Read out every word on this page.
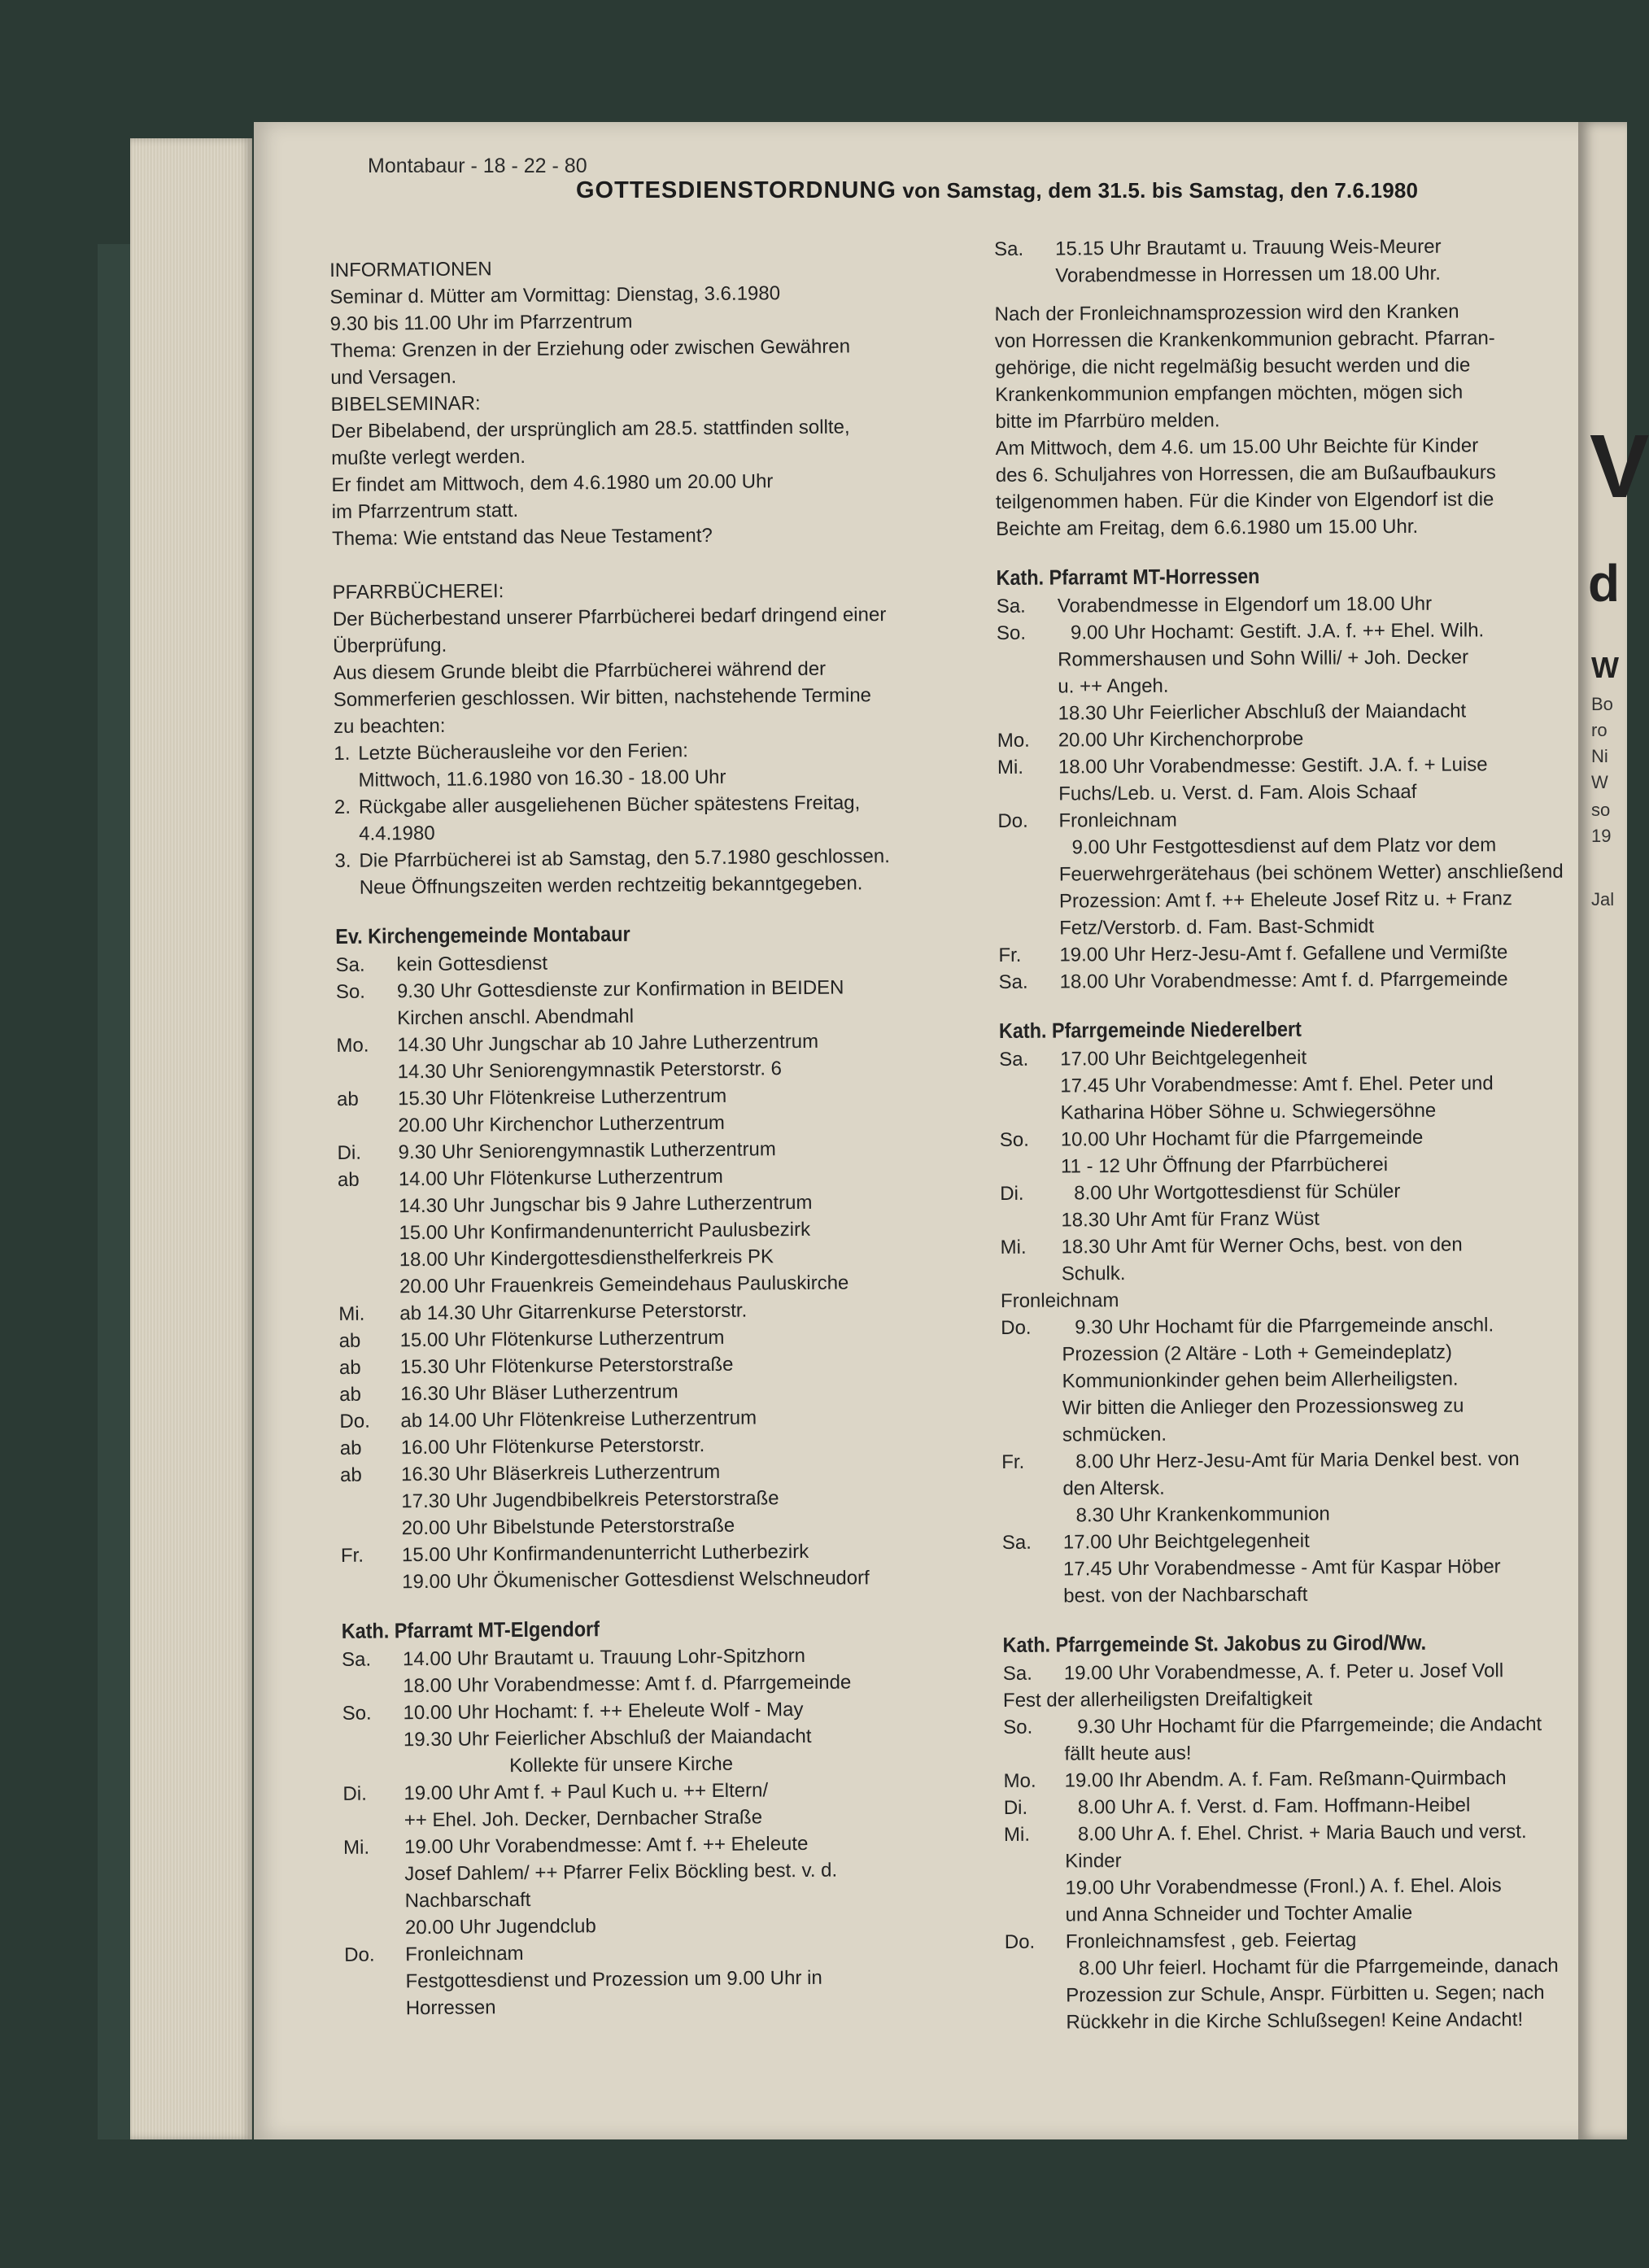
V
d
W
Bo
ro
Ni
W
so
19
Jal
Montabaur - 18 - 22 - 80
GOTTESDIENSTORDNUNG von Samstag, dem 31.5. bis Samstag, den 7.6.1980
INFORMATIONEN
Seminar d. Mütter am Vormittag: Dienstag, 3.6.1980
9.30 bis 11.00 Uhr im Pfarrzentrum
Thema: Grenzen in der Erziehung oder zwischen Gewähren
und Versagen.
BIBELSEMINAR:
Der Bibelabend, der ursprünglich am 28.5. stattfinden sollte,
mußte verlegt werden.
Er findet am Mittwoch, dem 4.6.1980 um 20.00 Uhr
im Pfarrzentrum statt.
Thema: Wie entstand das Neue Testament?
PFARRBÜCHEREI:
Der Bücherbestand unserer Pfarrbücherei bedarf dringend einer
Überprüfung.
Aus diesem Grunde bleibt die Pfarrbücherei während der
Sommerferien geschlossen. Wir bitten, nachstehende Termine
zu beachten:
1. Letzte Bücherausleihe vor den Ferien:
Mittwoch, 11.6.1980 von 16.30 - 18.00 Uhr
2. Rückgabe aller ausgeliehenen Bücher spätestens Freitag,
4.4.1980
3. Die Pfarrbücherei ist ab Samstag, den 5.7.1980 geschlossen.
Neue Öffnungszeiten werden rechtzeitig bekanntgegeben.
Ev. Kirchengemeinde Montabaur
Sa. kein Gottesdienst
So. 9.30 Uhr Gottesdienste zur Konfirmation in BEIDEN
Kirchen anschl. Abendmahl
Mo. 14.30 Uhr Jungschar ab 10 Jahre Lutherzentrum
14.30 Uhr Seniorengymnastik Peterstorstr. 6
ab 15.30 Uhr Flötenkreise Lutherzentrum
20.00 Uhr Kirchenchor Lutherzentrum
Di. 9.30 Uhr Seniorengymnastik Lutherzentrum
ab 14.00 Uhr Flötenkurse Lutherzentrum
14.30 Uhr Jungschar bis 9 Jahre Lutherzentrum
15.00 Uhr Konfirmandenunterricht Paulusbezirk
18.00 Uhr Kindergottesdiensthelferkreis PK
20.00 Uhr Frauenkreis Gemeindehaus Pauluskirche
Mi. ab 14.30 Uhr Gitarrenkurse Peterstorstr.
ab 15.00 Uhr Flötenkurse Lutherzentrum
ab 15.30 Uhr Flötenkurse Peterstorstraße
ab 16.30 Uhr Bläser Lutherzentrum
Do. ab 14.00 Uhr Flötenkreise Lutherzentrum
ab 16.00 Uhr Flötenkurse Peterstorstr.
ab 16.30 Uhr Bläserkreis Lutherzentrum
17.30 Uhr Jugendbibelkreis Peterstorstraße
20.00 Uhr Bibelstunde Peterstorstraße
Fr. 15.00 Uhr Konfirmandenunterricht Lutherbezirk
19.00 Uhr Ökumenischer Gottesdienst Welschneudorf
Kath. Pfarramt MT-Elgendorf
Sa. 14.00 Uhr Brautamt u. Trauung Lohr-Spitzhorn
18.00 Uhr Vorabendmesse: Amt f. d. Pfarrgemeinde
So. 10.00 Uhr Hochamt: f. ++ Eheleute Wolf - May
19.30 Uhr Feierlicher Abschluß der Maiandacht
Kollekte für unsere Kirche
Di. 19.00 Uhr Amt f. + Paul Kuch u. ++ Eltern/
++ Ehel. Joh. Decker, Dernbacher Straße
Mi. 19.00 Uhr Vorabendmesse: Amt f. ++ Eheleute
Josef Dahlem/ ++ Pfarrer Felix Böckling best. v. d.
Nachbarschaft
20.00 Uhr Jugendclub
Do. Fronleichnam
Festgottesdienst und Prozession um 9.00 Uhr in
Horressen
Sa. 15.15 Uhr Brautamt u. Trauung Weis-Meurer
Vorabendmesse in Horressen um 18.00 Uhr.
Nach der Fronleichnamsprozession wird den Kranken
von Horressen die Krankenkommunion gebracht. Pfarran-
gehörige, die nicht regelmäßig besucht werden und die
Krankenkommunion empfangen möchten, mögen sich
bitte im Pfarrbüro melden.
Am Mittwoch, dem 4.6. um 15.00 Uhr Beichte für Kinder
des 6. Schuljahres von Horressen, die am Bußaufbaukurs
teilgenommen haben. Für die Kinder von Elgendorf ist die
Beichte am Freitag, dem 6.6.1980 um 15.00 Uhr.
Kath. Pfarramt MT-Horressen
Sa. Vorabendmesse in Elgendorf um 18.00 Uhr
So. 9.00 Uhr Hochamt: Gestift. J.A. f. ++ Ehel. Wilh.
Rommershausen und Sohn Willi/ + Joh. Decker
u. ++ Angeh.
18.30 Uhr Feierlicher Abschluß der Maiandacht
Mo. 20.00 Uhr Kirchenchorprobe
Mi. 18.00 Uhr Vorabendmesse: Gestift. J.A. f. + Luise
Fuchs/Leb. u. Verst. d. Fam. Alois Schaaf
Do. Fronleichnam
9.00 Uhr Festgottesdienst auf dem Platz vor dem
Feuerwehrgerätehaus (bei schönem Wetter) anschließend
Prozession: Amt f. ++ Eheleute Josef Ritz u. + Franz
Fetz/Verstorb. d. Fam. Bast-Schmidt
Fr. 19.00 Uhr Herz-Jesu-Amt f. Gefallene und Vermißte
Sa. 18.00 Uhr Vorabendmesse: Amt f. d. Pfarrgemeinde
Kath. Pfarrgemeinde Niederelbert
Sa. 17.00 Uhr Beichtgelegenheit
17.45 Uhr Vorabendmesse: Amt f. Ehel. Peter und
Katharina Höber Söhne u. Schwiegersöhne
So. 10.00 Uhr Hochamt für die Pfarrgemeinde
11 - 12 Uhr Öffnung der Pfarrbücherei
Di.	8.00 Uhr Wortgottesdienst für Schüler
18.30 Uhr Amt für Franz Wüst
Mi. 18.30 Uhr Amt für Werner Ochs, best. von den
Schulk.
Fronleichnam
Do. 9.30 Uhr Hochamt für die Pfarrgemeinde anschl.
Prozession (2 Altäre - Loth + Gemeindeplatz)
Kommunionkinder gehen beim Allerheiligsten.
Wir bitten die Anlieger den Prozessionsweg zu
schmücken.
Fr.	8.00 Uhr Herz-Jesu-Amt für Maria Denkel best. von
den Altersk.
8.30 Uhr Krankenkommunion
Sa. 17.00 Uhr Beichtgelegenheit
17.45 Uhr Vorabendmesse - Amt für Kaspar Höber
best. von der Nachbarschaft
Kath. Pfarrgemeinde St. Jakobus zu Girod/Ww.
Sa. 19.00 Uhr Vorabendmesse, A. f. Peter u. Josef Voll
Fest der allerheiligsten Dreifaltigkeit
So. 9.30 Uhr Hochamt für die Pfarrgemeinde; die Andacht
fällt heute aus!
Mo. 19.00 Ihr Abendm. A. f. Fam. Reßmann-Quirmbach
Di.	8.00 Uhr A. f. Verst. d. Fam. Hoffmann-Heibel
Mi. 8.00 Uhr A. f. Ehel. Christ. + Maria Bauch und verst.
Kinder
19.00 Uhr Vorabendmesse (Fronl.) A. f. Ehel. Alois
und Anna Schneider und Tochter Amalie
Do. Fronleichnamsfest , geb. Feiertag
8.00 Uhr feierl. Hochamt für die Pfarrgemeinde, danach
Prozession zur Schule, Anspr. Fürbitten u. Segen; nach
Rückkehr in die Kirche Schlußsegen! Keine Andacht!
